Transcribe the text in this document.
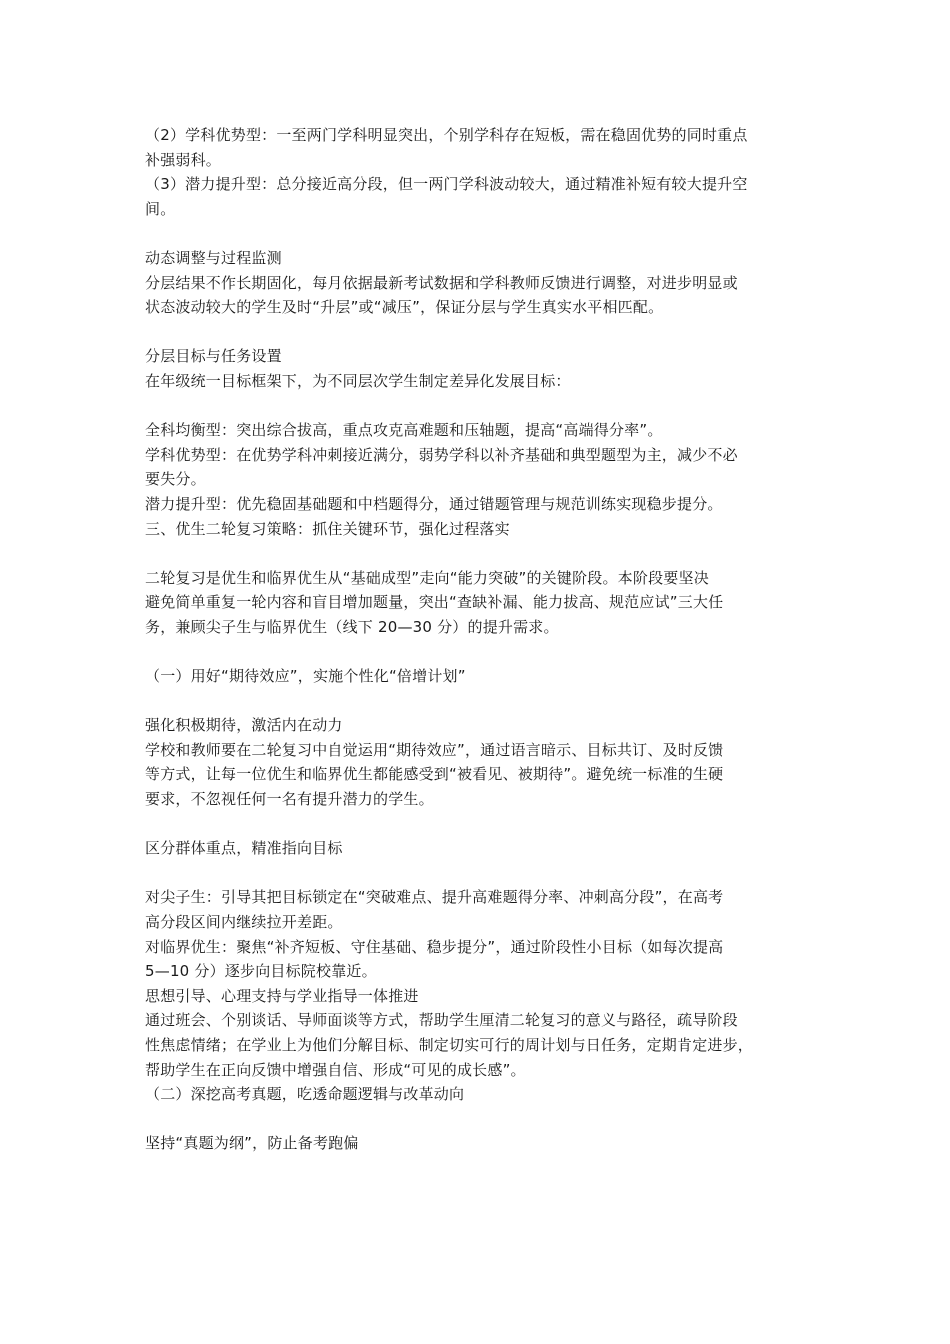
（2）学科优势型：一至两门学科明显突出，个别学科存在短板，需在稳固优势的同时重点
补强弱科。
（3）潜力提升型：总分接近高分段，但一两门学科波动较大，通过精准补短有较大提升空
间。
动态调整与过程监测
分层结果不作长期固化，每月依据最新考试数据和学科教师反馈进行调整，对进步明显或
状态波动较大的学生及时“升层”或“减压”，保证分层与学生真实水平相匹配。
分层目标与任务设置
在年级统一目标框架下，为不同层次学生制定差异化发展目标：
全科均衡型：突出综合拔高，重点攻克高难题和压轴题，提高“高端得分率”。
学科优势型：在优势学科冲刺接近满分，弱势学科以补齐基础和典型题型为主，减少不必
要失分。
潜力提升型：优先稳固基础题和中档题得分，通过错题管理与规范训练实现稳步提分。
三、优生二轮复习策略：抓住关键环节，强化过程落实
二轮复习是优生和临界优生从“基础成型”走向“能力突破”的关键阶段。本阶段要坚决
避免简单重复一轮内容和盲目增加题量，突出“查缺补漏、能力拔高、规范应试”三大任
务，兼顾尖子生与临界优生（线下 20—30 分）的提升需求。
（一）用好“期待效应”，实施个性化“倍增计划”
强化积极期待，激活内在动力
学校和教师要在二轮复习中自觉运用“期待效应”，通过语言暗示、目标共订、及时反馈
等方式，让每一位优生和临界优生都能感受到“被看见、被期待”。避免统一标准的生硬
要求，不忽视任何一名有提升潜力的学生。
区分群体重点，精准指向目标
对尖子生：引导其把目标锁定在“突破难点、提升高难题得分率、冲刺高分段”，在高考
高分段区间内继续拉开差距。
对临界优生：聚焦“补齐短板、守住基础、稳步提分”，通过阶段性小目标（如每次提高
5—10 分）逐步向目标院校靠近。
思想引导、心理支持与学业指导一体推进
通过班会、个别谈话、导师面谈等方式，帮助学生厘清二轮复习的意义与路径，疏导阶段
性焦虑情绪；在学业上为他们分解目标、制定切实可行的周计划与日任务，定期肯定进步，
帮助学生在正向反馈中增强自信、形成“可见的成长感”。
（二）深挖高考真题，吃透命题逻辑与改革动向
坚持“真题为纲”，防止备考跑偏
